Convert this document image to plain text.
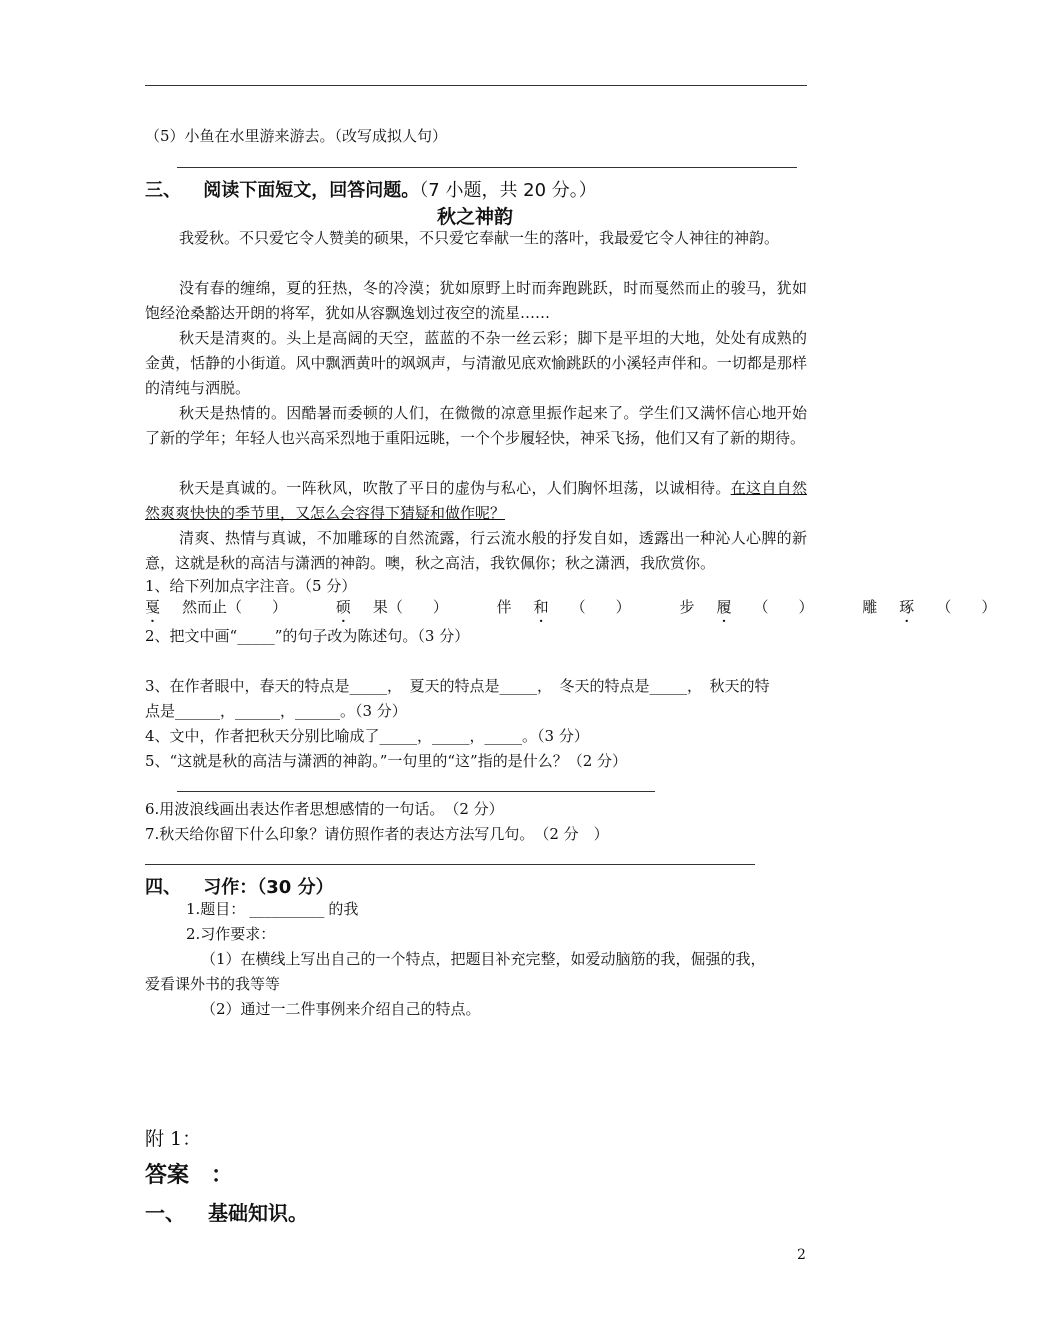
（5）小鱼在水里游来游去。（改写成拟人句）
三、 阅读下面短文，回答问题。（7 小题，共 20 分。）
秋之神韵
我爱秋。不只爱它令人赞美的硕果，不只爱它奉献一生的落叶，我最爱它令人神往的神韵。
没有春的缠绵，夏的狂热，冬的冷漠；犹如原野上时而奔跑跳跃，时而戛然而止的骏马，犹如饱经沧桑豁达开朗的将军，犹如从容飘逸划过夜空的流星……
秋天是清爽的。头上是高阔的天空，蓝蓝的不杂一丝云彩；脚下是平坦的大地，处处有成熟的金黄，恬静的小街道。风中飘洒黄叶的飒飒声，与清澈见底欢愉跳跃的小溪轻声伴和。一切都是那样的清纯与洒脱。
秋天是热情的。因酷暑而委顿的人们，在微微的凉意里振作起来了。学生们又满怀信心地开始了新的学年；年轻人也兴高采烈地于重阳远眺，一个个步履轻快，神采飞扬，他们又有了新的期待。
秋天是真诚的。一阵秋风，吹散了平日的虚伪与私心，人们胸怀坦荡，以诚相待。在这自自然然爽爽快快的季节里，又怎么会容得下猜疑和做作呢？
清爽、热情与真诚，不加雕琢的自然流露，行云流水般的抒发自如，透露出一种沁人心脾的新意，这就是秋的高洁与潇洒的神韵。噢，秋之高洁，我钦佩你；秋之潇洒，我欣赏你。
1、给下列加点字注音。（5 分）
戛 然而止（　　）	硕 果（　　）	伴 和 （　　）	步 履 （　　）	雕 琢 （　　）
2、把文中画“_____”的句子改为陈述句。（3 分）
3、在作者眼中，春天的特点是_____，　夏天的特点是_____，　冬天的特点是_____，　秋天的特
点是______，______，______。（3 分）
4、文中，作者把秋天分别比喻成了_____，_____，_____。（3 分）
5、“这就是秋的高洁与潇洒的神韵。”一句里的“这”指的是什么？（2 分）
6.用波浪线画出表达作者思想感情的一句话。　（2 分）
7.秋天给你留下什么印象？请仿照作者的表达方法写几句。　（2 分　）
四、 习作：（30 分）
1.题目： __________ 的我
2.习作要求：
（1）在横线上写出自己的一个特点，把题目补充完整，如爱动脑筋的我，倔强的我，
爱看课外书的我等等
（2）通过一二件事例来介绍自己的特点。
附 1：
答案　：
一、 基础知识。
2
